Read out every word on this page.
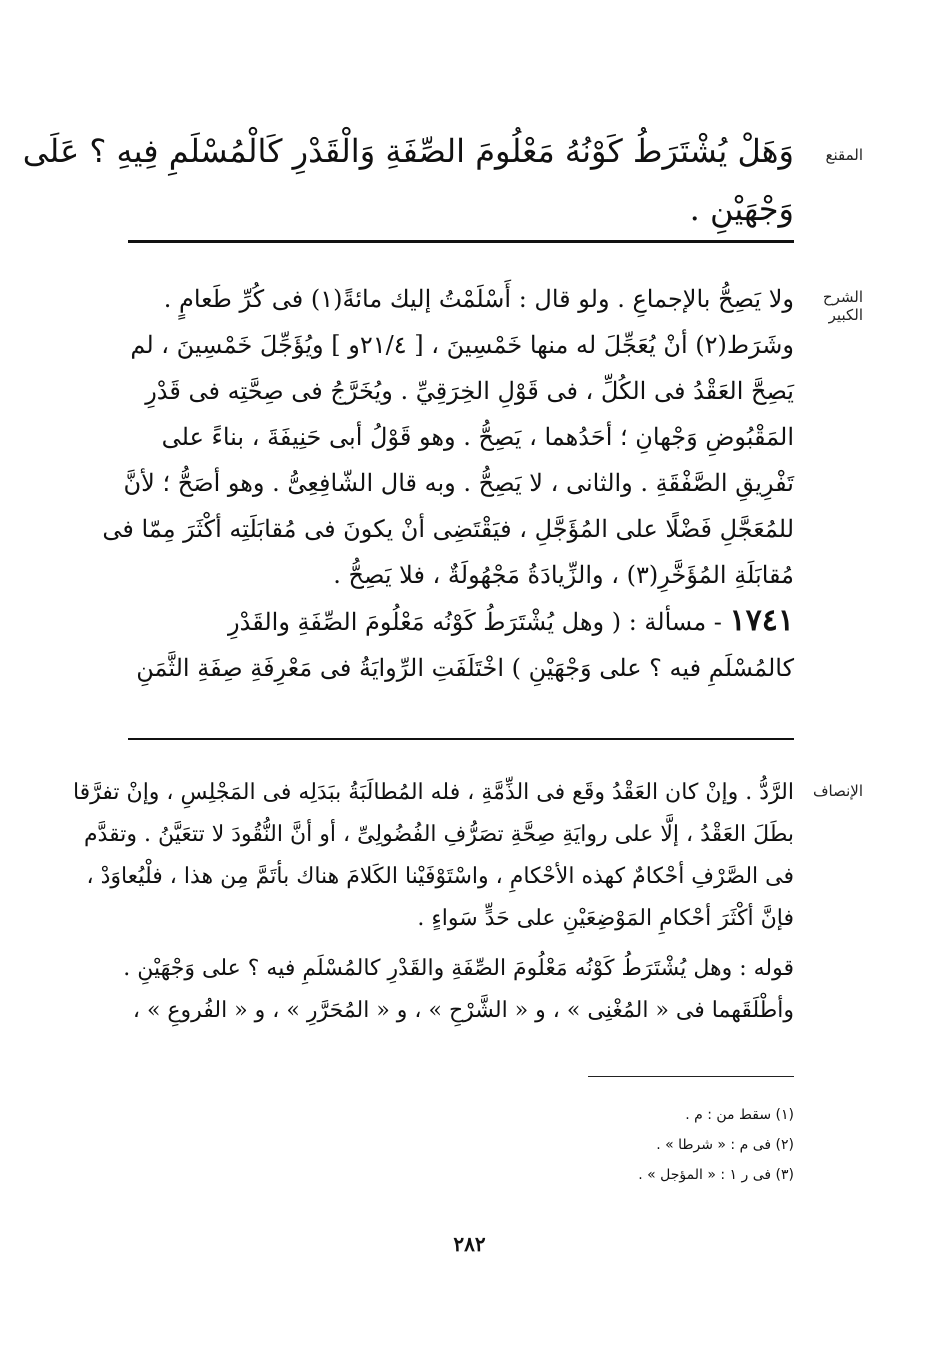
المقنع
وَهَلْ يُشْتَرَطُ كَوْنُهُ مَعْلُومَ الصِّفَةِ وَالْقَدْرِ كَالْمُسْلَمِ فِيهِ ؟ عَلَى
وَجْهَيْنِ .
الشرح الكبير
ولا يَصِحُّ بالإجماعِ . ولو قال : أَسْلَمْتُ إليك مائةً(١) فى كُرِّ طَعامٍ .
وشَرَط(٢) أنْ يُعَجِّلَ له منها خَمْسِينَ ، [ ٢١/٤و ] ويُؤَجِّلَ خَمْسِينَ ، لم
يَصِحَّ العَقْدُ فى الكُلِّ ، فى قَوْلِ الخِرَقِيِّ . ويُخَرَّجُ فى صِحَّتِه فى قَدْرِ
المَقْبُوضِ وَجْهانِ ؛ أحَدُهما ، يَصِحُّ . وهو قَوْلُ أبى حَنِيفَةَ ، بناءً على
تَفْرِيقِ الصَّفْقَةِ . والثانى ، لا يَصِحُّ . وبه قال الشّافِعِىُّ . وهو أصَحُّ ؛ لأنَّ
للمُعَجَّلِ فَضْلًا على المُؤَجَّلِ ، فيَقْتَضِى أنْ يكونَ فى مُقابَلَتِه أكْثَرَ مِمّا فى
مُقابَلَةِ المُؤَخَّرِ(٣) ، والزِّيادَةُ مَجْهُولَةٌ ، فلا يَصِحُّ .
١٧٤١ - مسألة : ( وهل يُشْتَرَطُ كَوْنُه مَعْلُومَ الصِّفَةِ والقَدْرِ
كالمُسْلَمِ فيه ؟ على وَجْهَيْنِ ) اخْتَلَفَتِ الرِّوايَةُ فى مَعْرِفَةِ صِفَةِ الثَّمَنِ
الإنصاف
الرَّدُّ . وإنْ كان العَقْدُ وقَع فى الذِّمَّةِ ، فله المُطالَبَةُ ببَدَلِه فى المَجْلِسِ ، وإنْ تفرَّقا
بطَلَ العَقْدُ ، إلَّا على روايَةِ صِحَّةِ تصَرُّفِ الفُضُولِىِّ ، أو أنَّ النُّقُودَ لا تتعَيَّنُ . وتقدَّم
فى الصَّرْفِ أحْكامٌ كهذه الأحْكامِ ، واسْتَوْفَيْنا الكَلامَ هناك بأتَمَّ مِن هذا ، فلْيُعاوَدْ ،
فإنَّ أكْثَرَ أحْكامِ المَوْضِعَيْنِ على حَدٍّ سَواءٍ .
قوله : وهل يُشْتَرَطُ كَوْنُه مَعْلُومَ الصِّفَةِ والقَدْرِ كالمُسْلَمِ فيه ؟ على وَجْهَيْنِ .
وأطْلَقَهما فى « المُغْنِى » ، و « الشَّرْحِ » ، و « المُحَرَّرِ » ، و « الفُروعِ » ،
(١) سقط من : م .
(٢) فى م : « شرطا » .
(٣) فى ر ١ : « المؤجل » .
٢٨٢
